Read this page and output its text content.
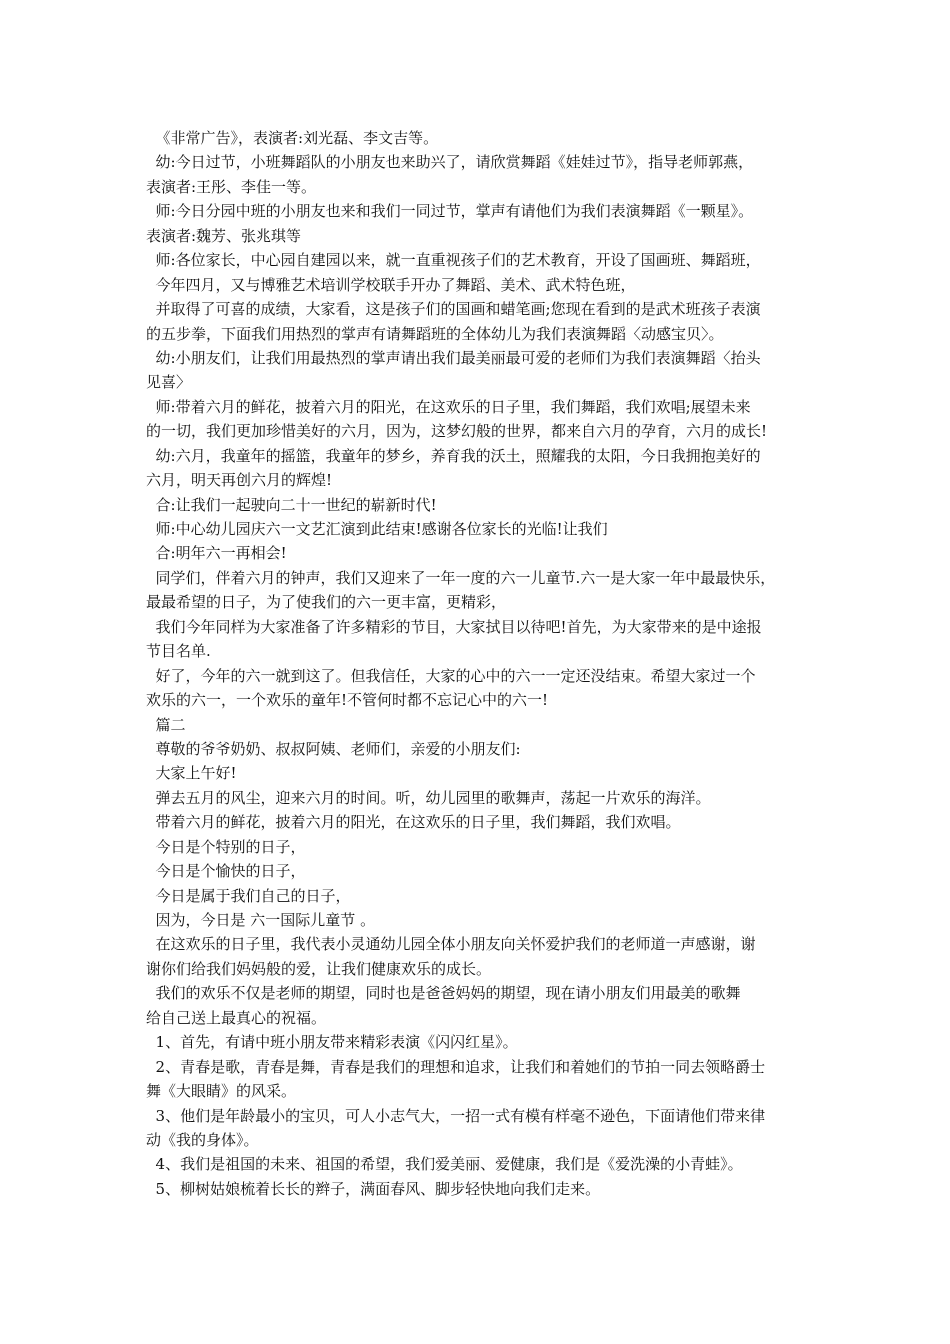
《非常广告》，表演者:刘光磊、李文吉等。
幼:今日过节，小班舞蹈队的小朋友也来助兴了，请欣赏舞蹈《娃娃过节》，指导老师郭燕，
表演者:王彤、李佳一等。
师:今日分园中班的小朋友也来和我们一同过节，掌声有请他们为我们表演舞蹈《一颗星》。
表演者:魏芳、张兆琪等
师:各位家长，中心园自建园以来，就一直重视孩子们的艺术教育，开设了国画班、舞蹈班，
今年四月，又与博雅艺术培训学校联手开办了舞蹈、美术、武术特色班，
并取得了可喜的成绩，大家看，这是孩子们的国画和蜡笔画;您现在看到的是武术班孩子表演
的五步拳，下面我们用热烈的掌声有请舞蹈班的全体幼儿为我们表演舞蹈〈动感宝贝〉。
幼:小朋友们，让我们用最热烈的掌声请出我们最美丽最可爱的老师们为我们表演舞蹈〈抬头
见喜〉
师:带着六月的鲜花，披着六月的阳光，在这欢乐的日子里，我们舞蹈，我们欢唱;展望未来
的一切，我们更加珍惜美好的六月，因为，这梦幻般的世界，都来自六月的孕育，六月的成长!
幼:六月，我童年的摇篮，我童年的梦乡，养育我的沃土，照耀我的太阳，今日我拥抱美好的
六月，明天再创六月的辉煌!
合:让我们一起驶向二十一世纪的崭新时代!
师:中心幼儿园庆六一文艺汇演到此结束!感谢各位家长的光临!让我们
合:明年六一再相会!
同学们，伴着六月的钟声，我们又迎来了一年一度的六一儿童节.六一是大家一年中最最快乐，
最最希望的日子，为了使我们的六一更丰富，更精彩，
我们今年同样为大家准备了许多精彩的节目，大家拭目以待吧!首先，为大家带来的是中途报
节目名单.
好了，今年的六一就到这了。但我信任，大家的心中的六一一定还没结束。希望大家过一个
欢乐的六一，一个欢乐的童年!不管何时都不忘记心中的六一!
篇二
尊敬的爷爷奶奶、叔叔阿姨、老师们，亲爱的小朋友们:
大家上午好!
弹去五月的风尘，迎来六月的时间。听，幼儿园里的歌舞声，荡起一片欢乐的海洋。
带着六月的鲜花，披着六月的阳光，在这欢乐的日子里，我们舞蹈，我们欢唱。
今日是个特别的日子，
今日是个愉快的日子，
今日是属于我们自己的日子，
因为，今日是 六一国际儿童节 。
在这欢乐的日子里，我代表小灵通幼儿园全体小朋友向关怀爱护我们的老师道一声感谢，谢
谢你们给我们妈妈般的爱，让我们健康欢乐的成长。
我们的欢乐不仅是老师的期望，同时也是爸爸妈妈的期望，现在请小朋友们用最美的歌舞
给自己送上最真心的祝福。
1、首先，有请中班小朋友带来精彩表演《闪闪红星》。
2、青春是歌，青春是舞，青春是我们的理想和追求，让我们和着她们的节拍一同去领略爵士
舞《大眼睛》的风采。
3、他们是年龄最小的宝贝，可人小志气大，一招一式有模有样毫不逊色，下面请他们带来律
动《我的身体》。
4、我们是祖国的未来、祖国的希望，我们爱美丽、爱健康，我们是《爱洗澡的小青蛙》。
5、柳树姑娘梳着长长的辫子，满面春风、脚步轻快地向我们走来。
